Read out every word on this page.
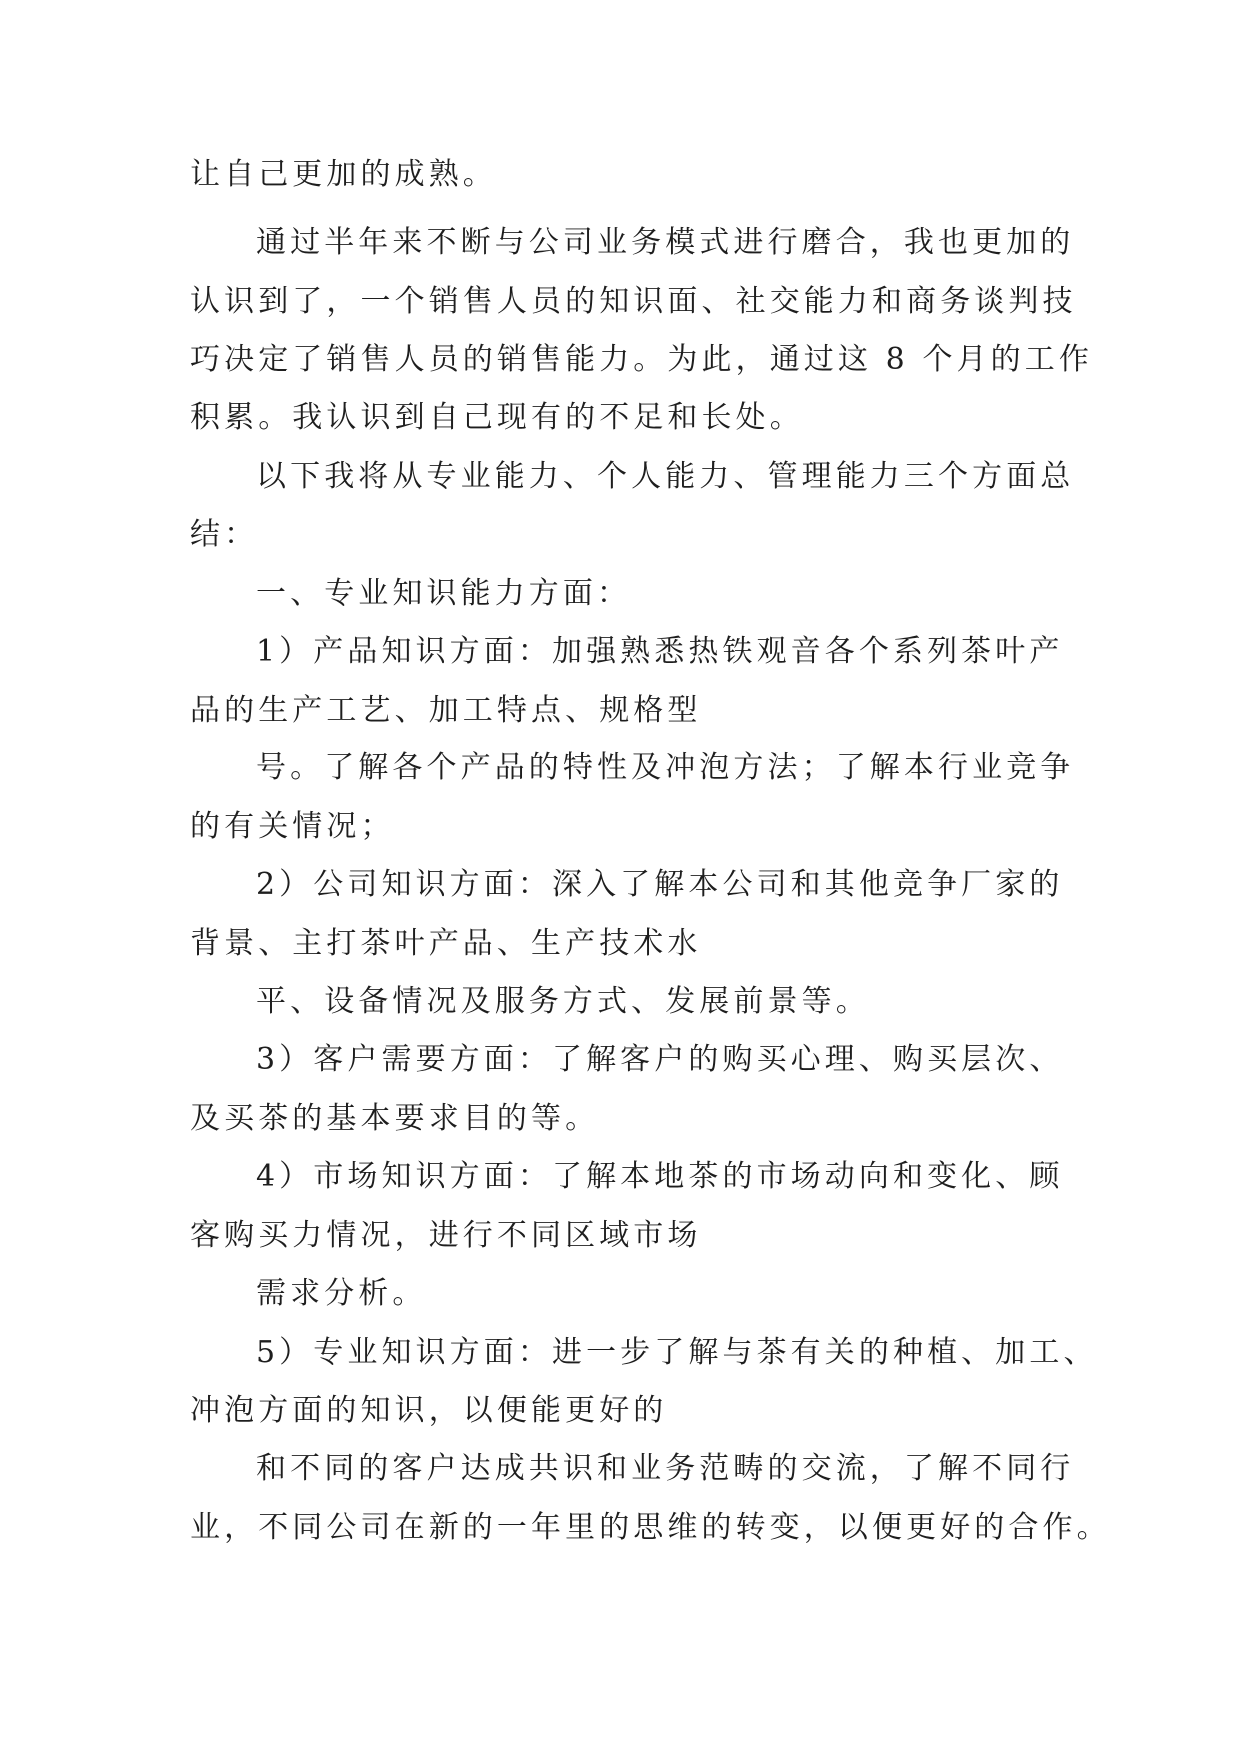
让自己更加的成熟。

通过半年来不断与公司业务模式进行磨合，我也更加的

认识到了，一个销售人员的知识面、社交能力和商务谈判技

巧决定了销售人员的销售能力。为此，通过这 8 个月的工作

积累。我认识到自己现有的不足和长处。

以下我将从专业能力、个人能力、管理能力三个方面总

结：

一、专业知识能力方面：

1）产品知识方面：加强熟悉热铁观音各个系列茶叶产

品的生产工艺、加工特点、规格型

号。了解各个产品的特性及冲泡方法；了解本行业竞争

的有关情况；

2）公司知识方面：深入了解本公司和其他竞争厂家的

背景、主打茶叶产品、生产技术水

平、设备情况及服务方式、发展前景等。

3）客户需要方面：了解客户的购买心理、购买层次、

及买茶的基本要求目的等。

4）市场知识方面：了解本地茶的市场动向和变化、顾

客购买力情况，进行不同区域市场

需求分析。

5）专业知识方面：进一步了解与茶有关的种植、加工、

冲泡方面的知识，以便能更好的

和不同的客户达成共识和业务范畴的交流，了解不同行

业，不同公司在新的一年里的思维的转变，以便更好的合作。
